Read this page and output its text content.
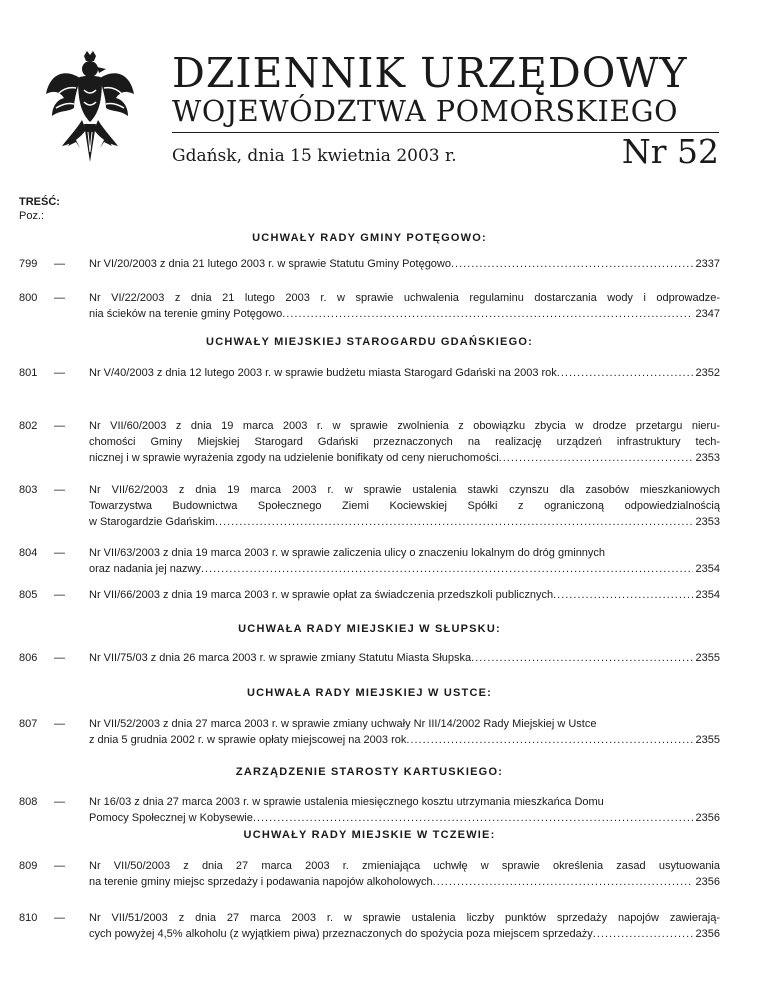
DZIENNIK URZĘDOWY
WOJEWÓDZTWA POMORSKIEGO
Gdańsk, dnia 15 kwietnia 2003 r.	Nr 52
TREŚĆ:
Poz.:
UCHWAŁY RADY GMINY POTĘGOWO:
UCHWAŁY MIEJSKIEJ STAROGARDU GDAŃSKIEGO:
UCHWAŁA RADY MIEJSKIEJ W SŁUPSKU:
UCHWAŁA RADY MIEJSKIEJ W USTCE:
ZARZĄDZENIE STAROSTY KARTUSKIEGO:
UCHWAŁY RADY MIEJSKIE W TCZEWIE:
799 — Nr VI/20/2003 z dnia 21 lutego 2003 r. w sprawie Statutu Gminy Potęgowo .....	2337
800 — Nr VI/22/2003 z dnia 21 lutego 2003 r. w sprawie uchwalenia regulaminu dostarczania wody i odprowadze-
nia ścieków na terenie gminy Potęgowo .....	2347
801 — Nr V/40/2003 z dnia 12 lutego 2003 r. w sprawie budżetu miasta Starogard Gdański na 2003 rok .....	2352
802 — Nr VII/60/2003 z dnia 19 marca 2003 r. w sprawie zwolnienia z obowiązku zbycia w drodze przetargu nieru-
chomości Gminy Miejskiej Starogard Gdański przeznaczonych na realizację urządzeń infrastruktury tech-
nicznej i w sprawie wyrażenia zgody na udzielenie bonifikaty od ceny nieruchomości .....	2353
803 — Nr VII/62/2003 z dnia 19 marca 2003 r. w sprawie ustalenia stawki czynszu dla zasobów mieszkaniowych
Towarzystwa Budownictwa Społecznego Ziemi Kociewskiej Spółki z ograniczoną odpowiedzialnością
w Starogardzie Gdańskim .....	2353
804 — Nr VII/63/2003 z dnia 19 marca 2003 r. w sprawie zaliczenia ulicy o znaczeniu lokalnym do dróg gminnych
oraz nadania jej nazwy .....	2354
805 — Nr VII/66/2003 z dnia 19 marca 2003 r. w sprawie opłat za świadczenia przedszkoli publicznych .....	2354
806 — Nr VII/75/03 z dnia 26 marca 2003 r. w sprawie zmiany Statutu Miasta Słupska .....	2355
807 — Nr VII/52/2003 z dnia 27 marca 2003 r. w sprawie zmiany uchwały Nr III/14/2002 Rady Miejskiej w Ustce
z dnia 5 grudnia 2002 r. w sprawie opłaty miejscowej na 2003 rok .....	2355
808 — Nr 16/03 z dnia 27 marca 2003 r. w sprawie ustalenia miesięcznego kosztu utrzymania mieszkańca Domu
Pomocy Społecznej w Kobysewie .....	2356
809 — Nr VII/50/2003 z dnia 27 marca 2003 r. zmieniająca uchwłę w sprawie określenia zasad usytuowania
na terenie gminy miejsc sprzedaży i podawania napojów alkoholowych .....	2356
810 — Nr VII/51/2003 z dnia 27 marca 2003 r. w sprawie ustalenia liczby punktów sprzedaży napojów zawierają-
cych powyżej 4,5% alkoholu (z wyjątkiem piwa) przeznaczonych do spożycia poza miejscem sprzedaży .....	2356
